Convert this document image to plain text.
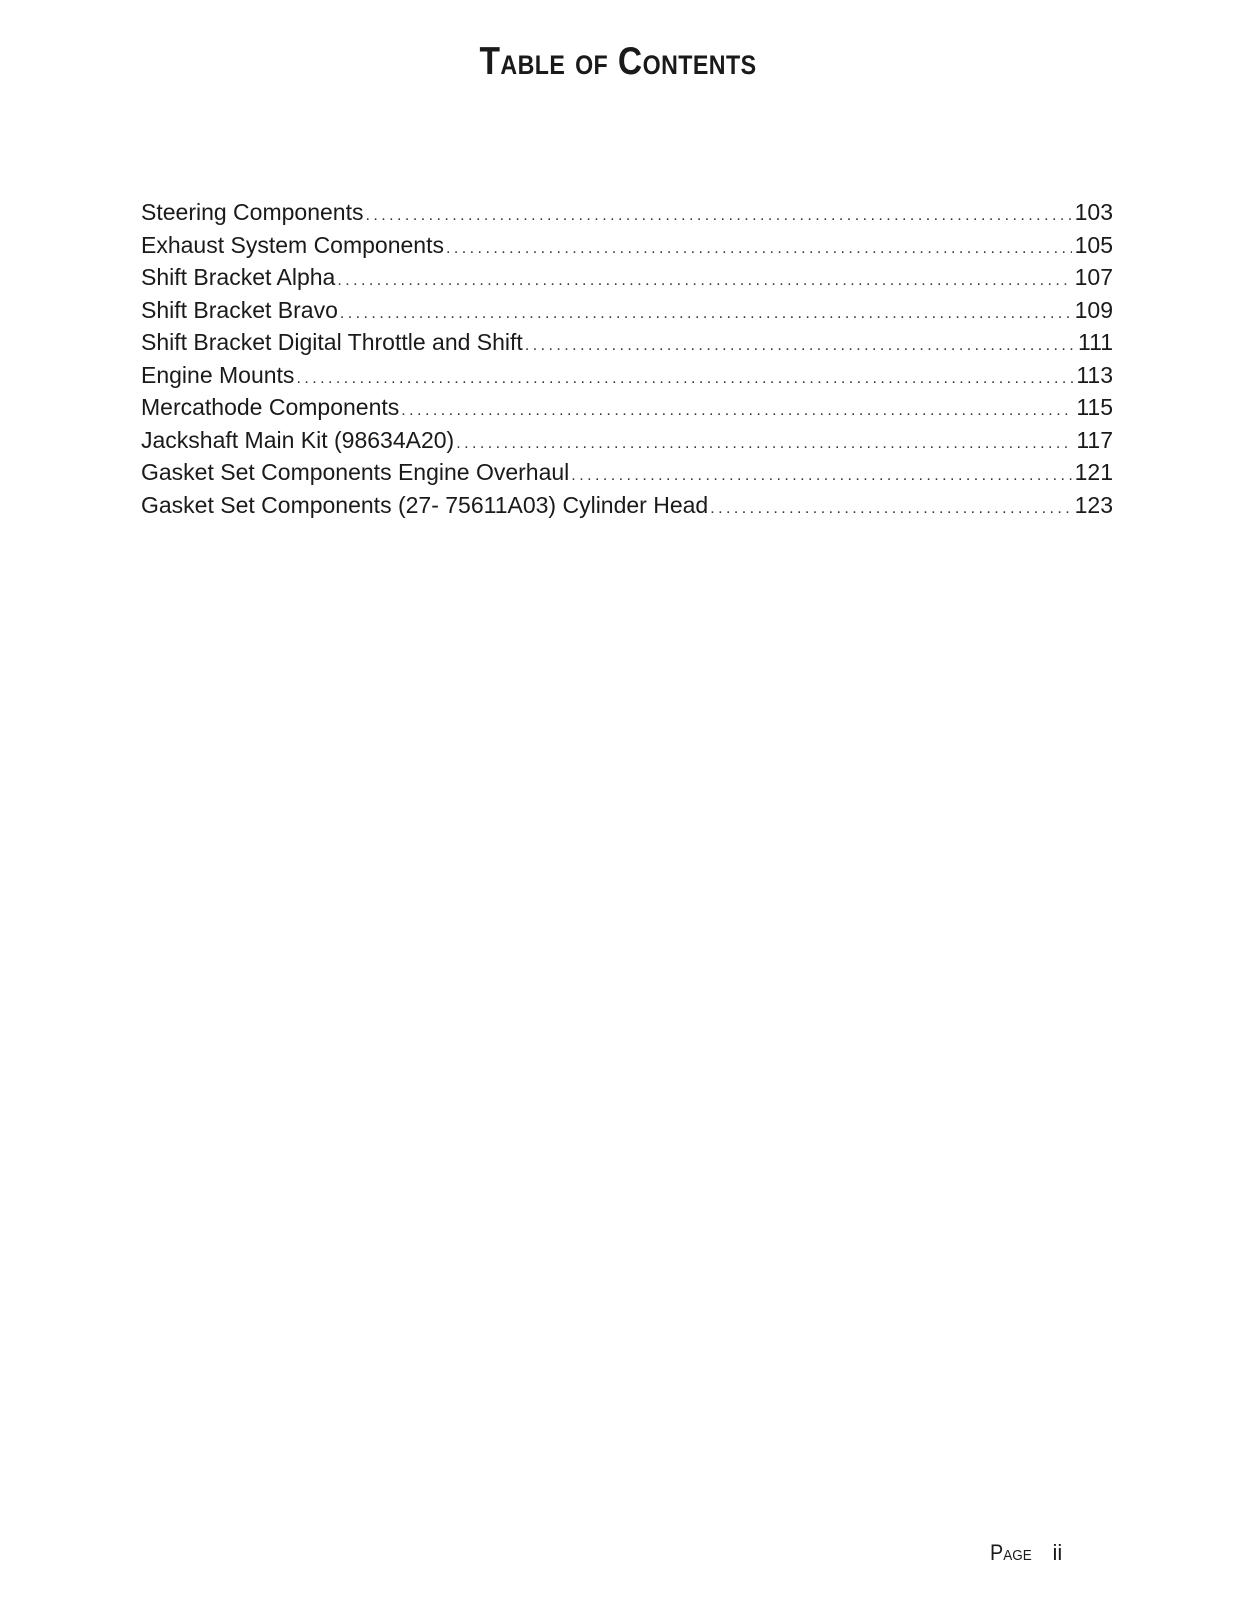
Table of Contents
Steering Components . . .	103
Exhaust System Components . . .	105
Shift Bracket Alpha . . .	107
Shift Bracket Bravo . . .	109
Shift Bracket Digital Throttle and Shift . . .	111
Engine Mounts . . .	113
Mercathode Components . . .	115
Jackshaft Main Kit (98634A20) . . .	117
Gasket Set Components Engine Overhaul . . .	121
Gasket Set Components (27- 75611A03) Cylinder Head . . .	123
Page ii
